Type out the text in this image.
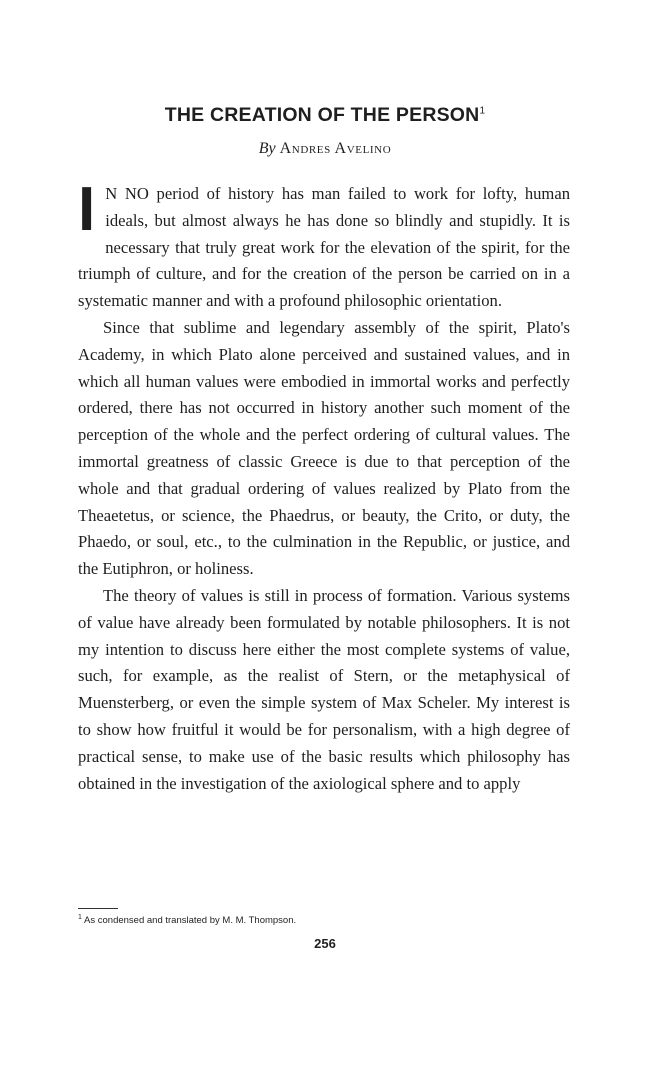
THE CREATION OF THE PERSON$^1$

By Andres Avelino

I N NO period of history has man failed to work for lofty, human ideals, but almost always he has done so blindly and stupidly. It is necessary that truly great work for the elevation of the spirit, for the triumph of culture, and for the creation of the person be carried on in a systematic manner and with a profound philosophic orientation.

Since that sublime and legendary assembly of the spirit, Plato's Academy, in which Plato alone perceived and sustained values, and in which all human values were embodied in immortal works and perfectly ordered, there has not occurred in history another such moment of the perception of the whole and the perfect ordering of cultural values. The immortal greatness of classic Greece is due to that perception of the whole and that gradual ordering of values realized by Plato from the Theaetetus, or science, the Phaedrus, or beauty, the Crito, or duty, the Phaedo, or soul, etc., to the culmination in the Republic, or justice, and the Eutiphron, or holiness.

The theory of values is still in process of formation. Various systems of value have already been formulated by notable philosophers. It is not my intention to discuss here either the most complete systems of value, such, for example, as the realist of Stern, or the metaphysical of Muensterberg, or even the simple system of Max Scheler. My interest is to show how fruitful it would be for personalism, with a high degree of practical sense, to make use of the basic results which philosophy has obtained in the investigation of the axiological sphere and to apply

$^1$ As condensed and translated by M. M. Thompson.

256
